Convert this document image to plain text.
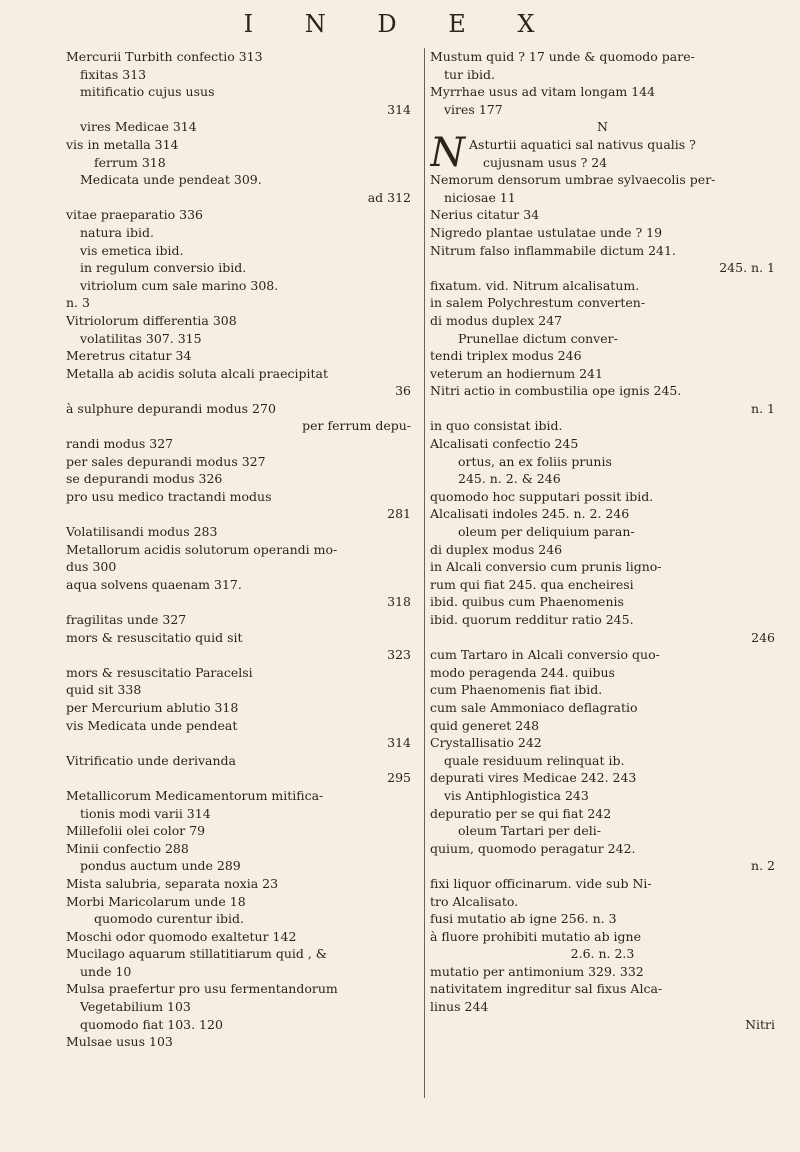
I N D E X
Mercurii Turbith confectio 313
fixitas 313
mitificatio cujus usus
314
vires Medicae 314
vis in metalla 314
ferrum 318
Medicata unde pendeat 309.
ad 312
vitae praeparatio 336
natura ibid.
vis emetica ibid.
in regulum conversio ibid.
vitriolum cum sale marino 308.
n. 3
Vitriolorum differentia 308
volatilitas 307. 315
Meretrus citatur 34
Metalla ab acidis soluta alcali praecipitat
36
à sulphure depurandi modus 270
per ferrum depu-
randi modus 327
per sales depurandi modus 327
se depurandi modus 326
pro usu medico tractandi modus
281
Volatilisandi modus 283
Metallorum acidis solutorum operandi mo-
dus 300
aqua solvens quaenam 317.
318
fragilitas unde 327
mors & resuscitatio quid sit
323
mors & resuscitatio Paracelsi
quid sit 338
per Mercurium ablutio 318
vis Medicata unde pendeat
314
Vitrificatio unde derivanda
295
Metallicorum Medicamentorum mitifica-
tionis modi varii 314
Millefolii olei color 79
Minii confectio 288
pondus auctum unde 289
Mista salubria, separata noxia 23
Morbi Mariсolarum unde 18
quomodo curentur ibid.
Moschi odor quomodo exaltetur 142
Mucilago aquarum stillatitiarum quid , &
unde 10
Mulsa praefertur pro usu fermentandorum
Vegetabilium 103
quomodo fiat 103. 120
Mulsae usus 103
Mustum quid ? 17 unde & quomodo pare-
tur ibid.
Myrrhae usus ad vitam longam 144
vires 177
N
N Asturtii aquatici sal nativus qualis ?
cujusnam usus ? 24
Nemorum densorum umbrae sylvaecolis per-
niciosae 11
Nerius citatur 34
Nigredo plantae ustulatae unde ? 19
Nitrum falso inflammabile dictum 241.
245. n. 1
fixatum. vid. Nitrum alcalisatum.
in salem Polychrestum converten-
di modus duplex 247
Prunellae dictum conver-
tendi triplex modus 246
veterum an hodiernum 241
Nitri actio in combustilia ope ignis 245.
n. 1
in quo consistat ibid.
Alcalisati confectio 245
ortus, an ex foliis prunis
245. n. 2. & 246
quomodo hoc supputari possit ibid.
Alcalisati indoles 245. n. 2. 246
oleum per deliquium paran-
di duplex modus 246
in Alcali conversio cum prunis ligno-
rum qui fiat 245. qua encheiresi
ibid. quibus cum Phaenomenis
ibid. quorum redditur ratio 245.
246
cum Tartaro in Alcali conversio quo-
modo peragenda 244. quibus
cum Phaenomenis fiat ibid.
cum sale Ammoniaco deflagratio
quid generet 248
Crystallisatio 242
quale residuum relinquat ib.
depurati vires Medicae 242. 243
vis Antiphlogistica 243
depuratio per se qui fiat 242
oleum Tartari per deli-
quium, quomodo peragatur 242.
n. 2
fixi liquor officinarum. vide sub Ni-
tro Alcalisato.
fusi mutatio ab igne 256. n. 3
à fluore prohibiti mutatio ab igne
2.6. n. 2.3
mutatio per antimonium 329. 332
nativitatem ingreditur sal fixus Alca-
linus 244
Nitri
